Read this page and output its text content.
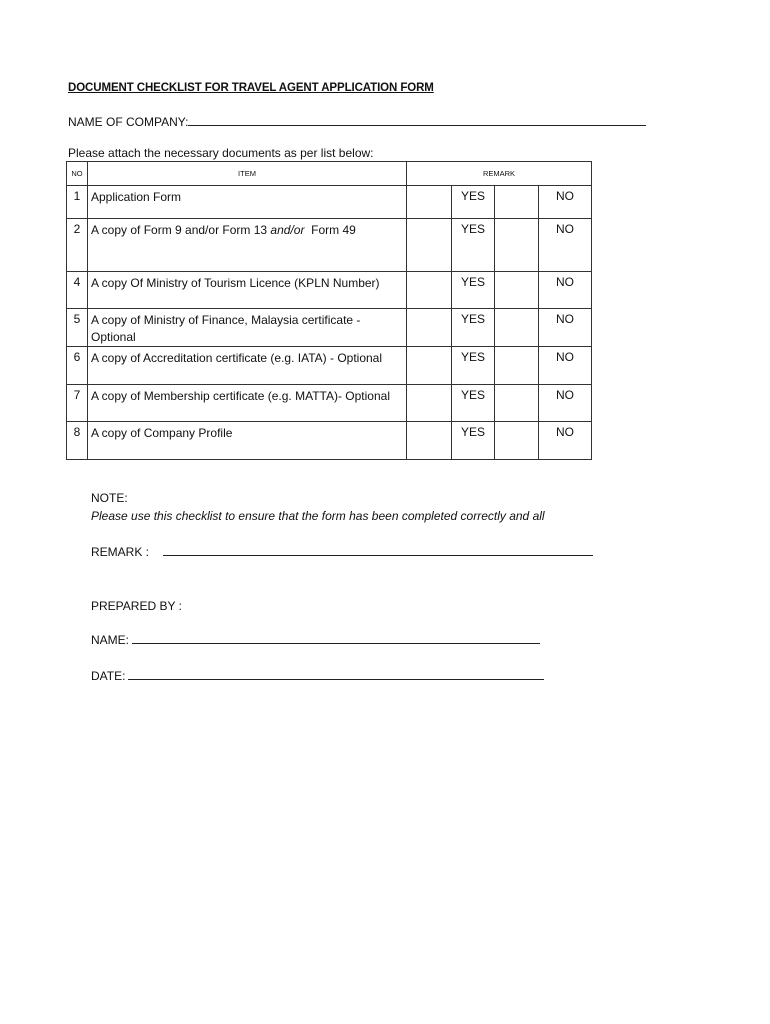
DOCUMENT CHECKLIST FOR TRAVEL AGENT APPLICATION FORM
NAME OF COMPANY:
Please attach the necessary documents as per list below:
NO	ITEM	REMARK			
1	Application Form		YES		NO
2	A copy of Form 9 and/or Form 13 and/or  Form 49		YES		NO
4	A copy Of Ministry of Tourism Licence (KPLN Number)		YES		NO
5	A copy of Ministry of Finance, Malaysia certificate - Optional		YES		NO
6	A copy of Accreditation certificate (e.g. IATA) - Optional		YES		NO
7	A copy of Membership certificate (e.g. MATTA)- Optional		YES		NO
8	A copy of Company Profile		YES		NO
NOTE:
Please use this checklist to ensure that the form has been completed correctly and all
REMARK :
PREPARED BY :
NAME:
DATE:
